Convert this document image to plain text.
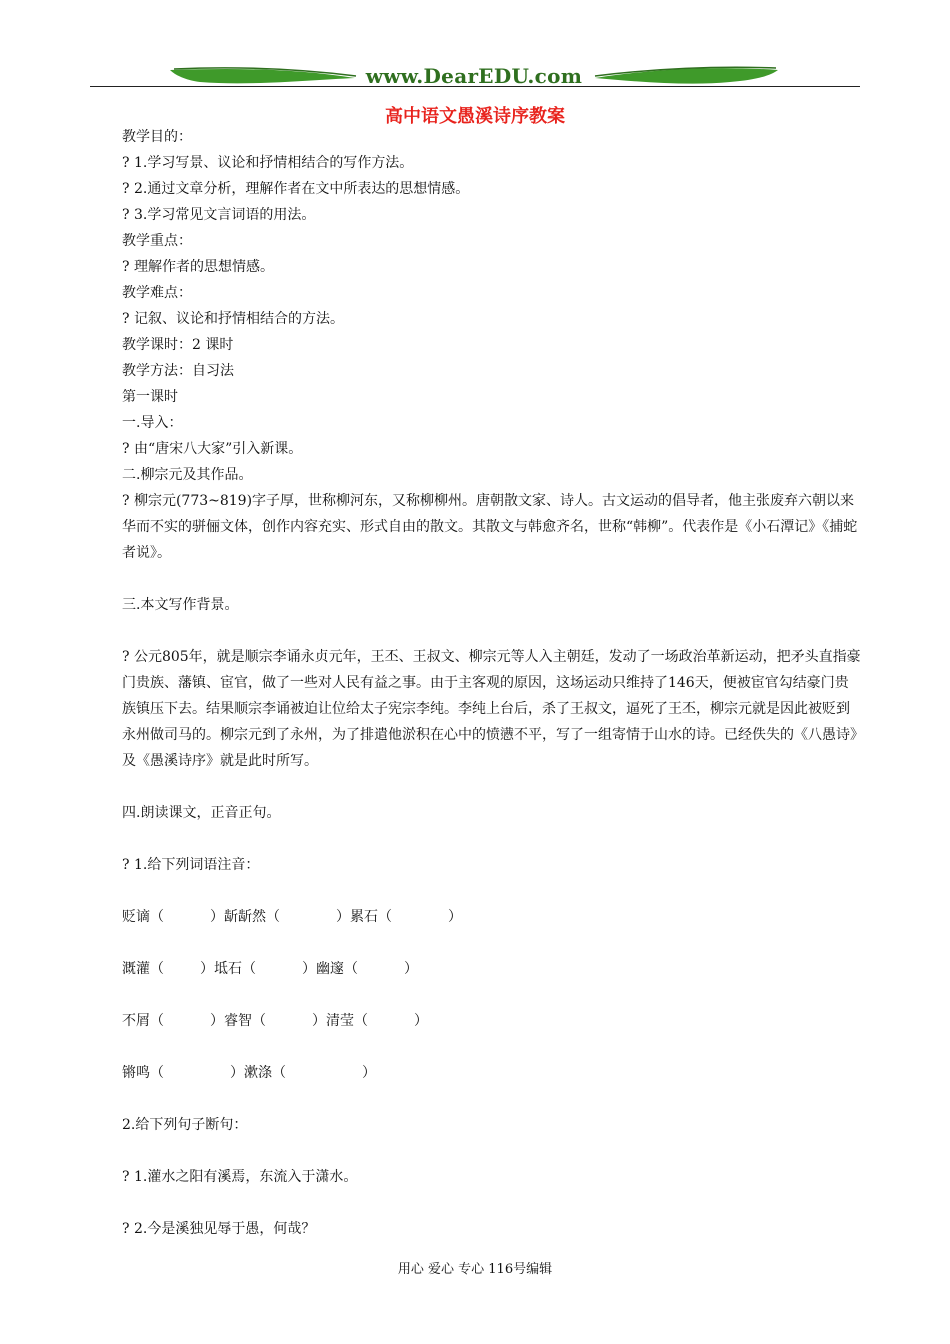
www.DearEDU.com
高中语文愚溪诗序教案
教学目的：
? 1.学习写景、议论和抒情相结合的写作方法。
? 2.通过文章分析，理解作者在文中所表达的思想情感。
? 3.学习常见文言词语的用法。
教学重点：
? 理解作者的思想情感。
教学难点：
? 记叙、议论和抒情相结合的方法。
教学课时：2 课时
教学方法：自习法
第一课时
一.导入：
? 由“唐宋八大家”引入新课。
二.柳宗元及其作品。

? 柳宗元(773~819)字子厚，世称柳河东，又称柳柳州。唐朝散文家、诗人。古文运动的倡导者，他主张废弃六朝以来华而不实的骈俪文体，创作内容充实、形式自由的散文。其散文与韩愈齐名，世称“韩柳”。代表作是《小石潭记》《捕蛇者说》。

三.本文写作背景。

? 公元805年，就是顺宗李诵永贞元年，王丕、王叔文、柳宗元等人入主朝廷，发动了一场政治革新运动，把矛头直指豪门贵族、藩镇、宦官，做了一些对人民有益之事。由于主客观的原因，这场运动只维持了146天，便被宦官勾结豪门贵族镇压下去。结果顺宗李诵被迫让位给太子宪宗李纯。李纯上台后，杀了王叔文，逼死了王丕，柳宗元就是因此被贬到永州做司马的。柳宗元到了永州，为了排遣他淤积在心中的愤懑不平，写了一组寄情于山水的诗。已经佚失的《八愚诗》及《愚溪诗序》就是此时所写。

四.朗读课文，正音正句。
? 1.给下列词语注音：
贬谪（	）龂龂然（	）累石（	）
溉灌（	）坻石（	）幽邃（	）
不屑（	）睿智（	）清莹（	）
锵鸣（	）漱涤（	）
2.给下列句子断句：
? 1.灌水之阳有溪焉，东流入于潇水。
? 2.今是溪独见辱于愚，何哉？
用心 爱心 专心 116号编辑
